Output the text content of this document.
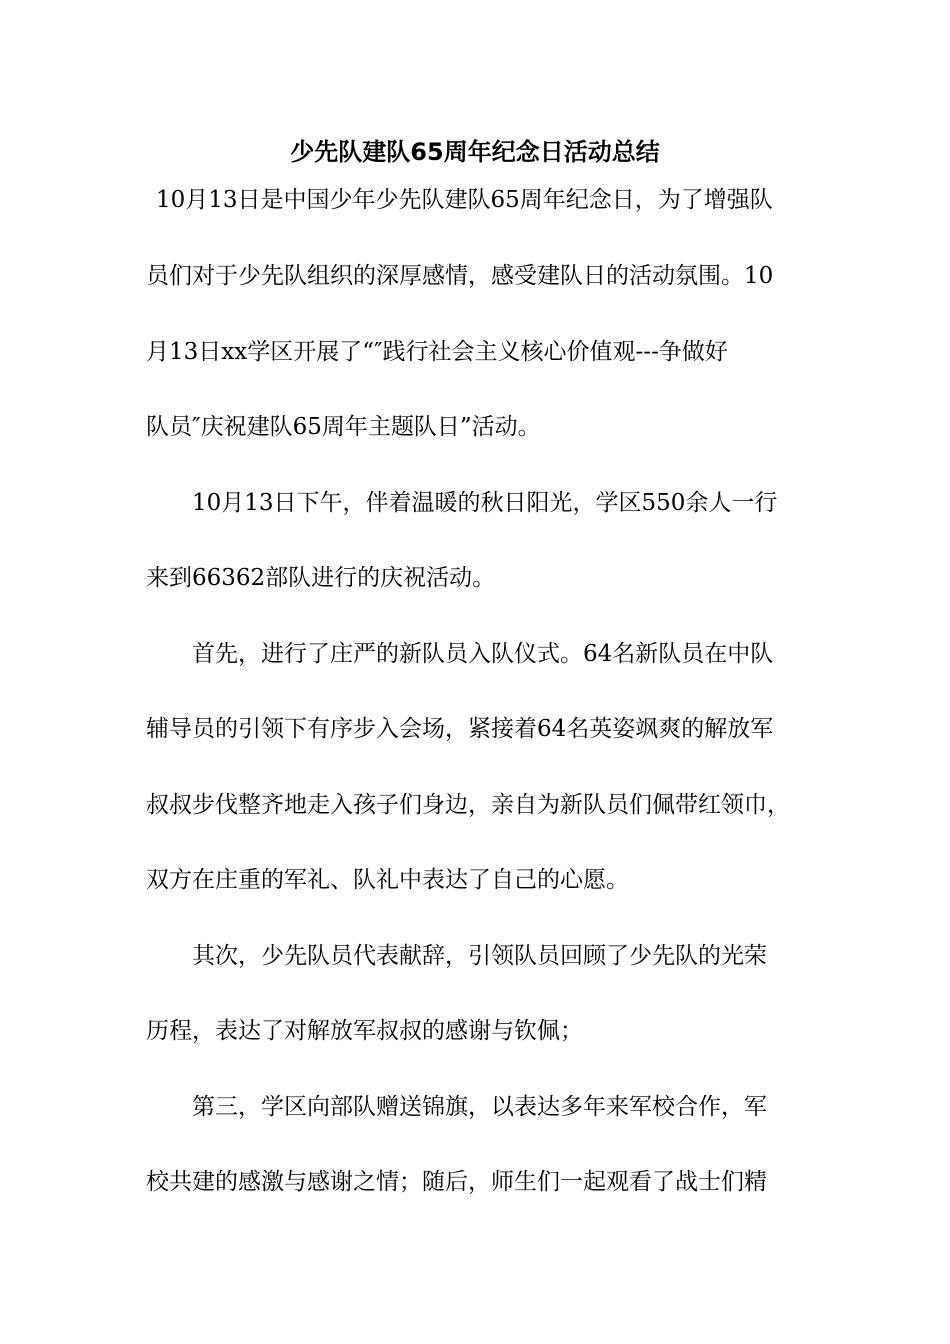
少先队建队65周年纪念日活动总结
10月13日是中国少年少先队建队65周年纪念日，为了增强队
员们对于少先队组织的深厚感情，感受建队日的活动氛围。10
月13日xx学区开展了“″践行社会主义核心价值观---争做好
队员″庆祝建队65周年主题队日”活动。
10月13日下午，伴着温暖的秋日阳光，学区550余人一行
来到66362部队进行的庆祝活动。
首先，进行了庄严的新队员入队仪式。64名新队员在中队
辅导员的引领下有序步入会场，紧接着64名英姿飒爽的解放军
叔叔步伐整齐地走入孩子们身边，亲自为新队员们佩带红领巾，
双方在庄重的军礼、队礼中表达了自己的心愿。
其次，少先队员代表献辞，引领队员回顾了少先队的光荣
历程，表达了对解放军叔叔的感谢与钦佩；
第三，学区向部队赠送锦旗，以表达多年来军校合作，军
校共建的感激与感谢之情；随后，师生们一起观看了战士们精
